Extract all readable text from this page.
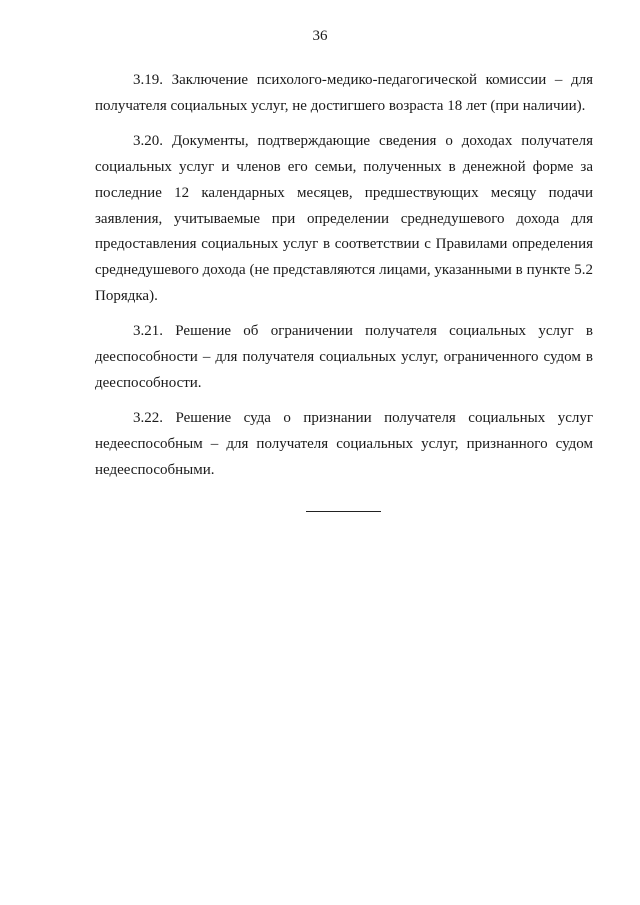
36

3.19. Заключение психолого-медико-педагогической комиссии – для получателя социальных услуг, не достигшего возраста 18 лет (при наличии).

3.20. Документы, подтверждающие сведения о доходах получателя социальных услуг и членов его семьи, полученных в денежной форме за последние 12 календарных месяцев, предшествующих месяцу подачи заявления, учитываемые при определении среднедушевого дохода для предоставления социальных услуг в соответствии с Правилами определения среднедушевого дохода (не представляются лицами, указанными в пункте 5.2 Порядка).

3.21. Решение об ограничении получателя социальных услуг в дееспособности – для получателя социальных услуг, ограниченного судом в дееспособности.

3.22. Решение суда о признании получателя социальных услуг недееспособным – для получателя социальных услуг, признанного судом недееспособными.
